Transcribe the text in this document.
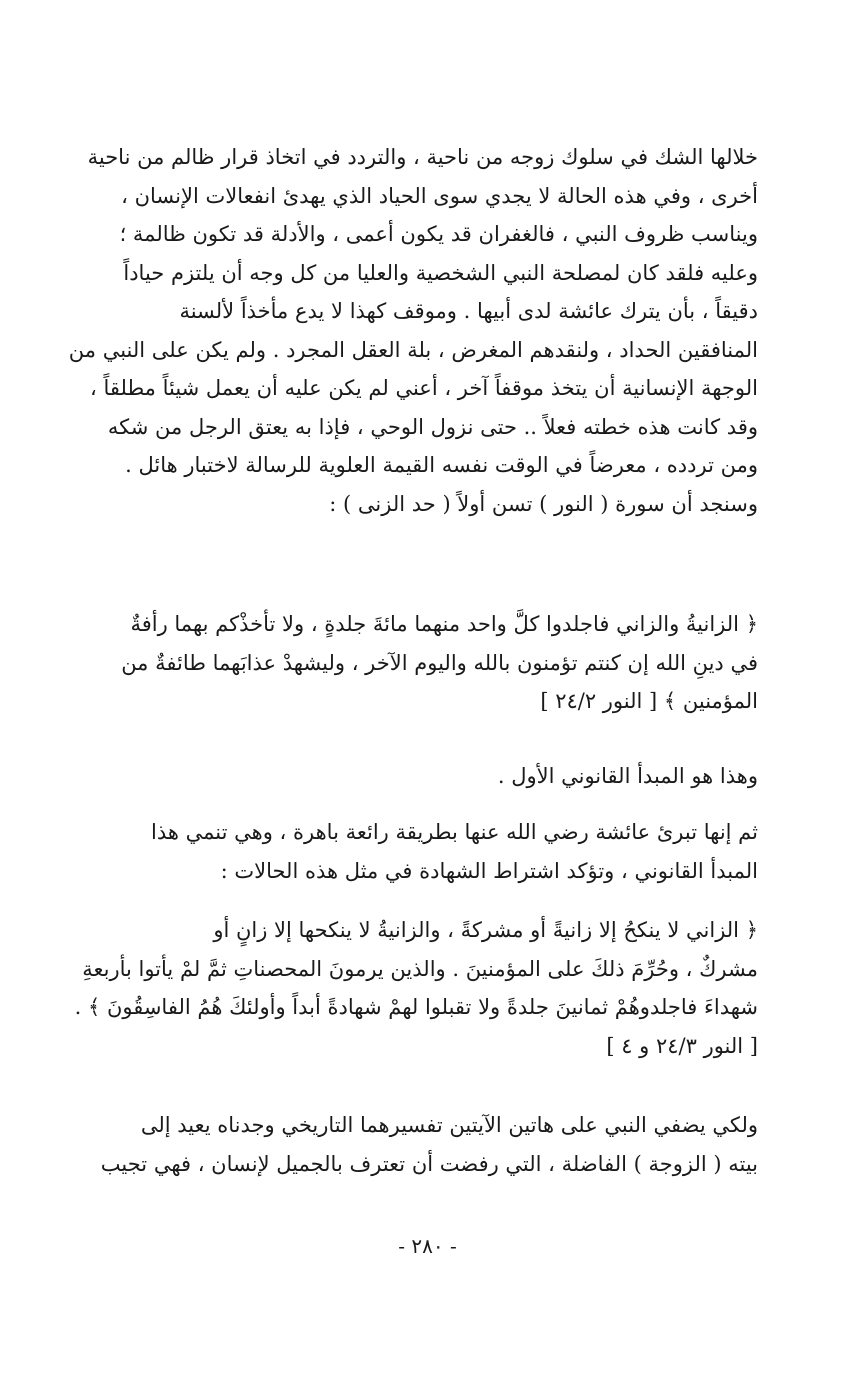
خلالها الشك في سلوك زوجه من ناحية ، والتردد في اتخاذ قرار ظالم من ناحية
أخرى ، وفي هذه الحالة لا يجدي سوى الحياد الذي يهدئ انفعالات الإنسان ،
ويناسب ظروف النبي ، فالغفران قد يكون أعمى ، والأدلة قد تكون ظالمة ؛
وعليه فلقد كان لمصلحة النبي الشخصية والعليا من كل وجه أن يلتزم حياداً
دقيقاً ، بأن يترك عائشة لدى أبيها . وموقف كهذا لا يدع مأخذاً لألسنة
المنافقين الحداد ، ولنقدهم المغرض ، بلة العقل المجرد . ولم يكن على النبي من
الوجهة الإنسانية أن يتخذ موقفاً آخر ، أعني لم يكن عليه أن يعمل شيئاً مطلقاً ،
وقد كانت هذه خطته فعلاً .. حتى نزول الوحي ، فإذا به يعتق الرجل من شكه
ومن تردده ، معرضاً في الوقت نفسه القيمة العلوية للرسالة لاختبار هائل .
وسنجد أن سورة ( النور ) تسن أولاً ( حد الزنى ) :
﴿ الزانيةُ والزاني فاجلدوا كلَّ واحد منهما مائةَ جلدةٍ ، ولا تأخذْكم بهما رأفةٌ
في دينِ الله إن كنتم تؤمنون بالله واليوم الآخر ، وليشهدْ عذابَهما طائفةٌ من
المؤمنين ﴾ [ النور ٢٤/٢ ]
وهذا هو المبدأ القانوني الأول .
ثم إنها تبرئ عائشة رضي الله عنها بطريقة رائعة باهرة ، وهي تنمي هذا
المبدأ القانوني ، وتؤكد اشتراط الشهادة في مثل هذه الحالات :
﴿ الزاني لا ينكحُ إلا زانيةً أو مشركةً ، والزانيةُ لا ينكحها إلا زانٍ أو
مشركٌ ، وحُرِّمَ ذلكَ على المؤمنينَ . والذين يرمونَ المحصناتِ ثمَّ لمْ يأتوا بأربعةِ
شهداءَ فاجلدوهُمْ ثمانينَ جلدةً ولا تقبلوا لهمْ شهادةً أبداً وأولئكَ هُمُ الفاسِقُونَ ﴾ .
[ النور ٢٤/٣ و ٤ ]
ولكي يضفي النبي على هاتين الآيتين تفسيرهما التاريخي وجدناه يعيد إلى
بيته ( الزوجة ) الفاضلة ، التي رفضت أن تعترف بالجميل لإنسان ، فهي تجيب
- ٢٨٠ -
